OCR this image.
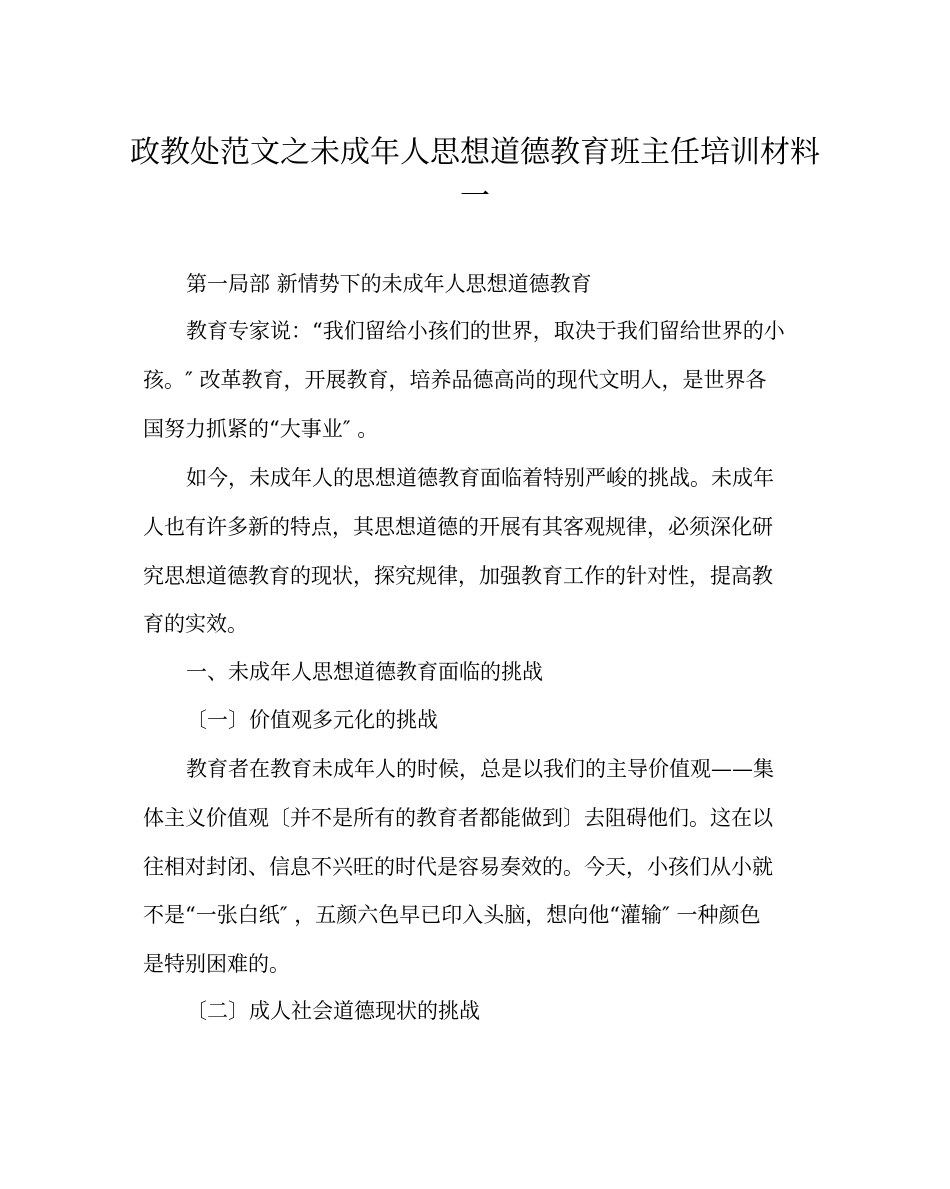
政教处范文之未成年人思想道德教育班主任培训材料
一

第一局部 新情势下的未成年人思想道德教育

教育专家说：“我们留给小孩们的世界，取决于我们留给世界的小

孩。″ 改革教育，开展教育，培养品德高尚的现代文明人，是世界各

国努力抓紧的“大事业″ 。

如今，未成年人的思想道德教育面临着特别严峻的挑战。未成年

人也有许多新的特点，其思想道德的开展有其客观规律，必须深化研

究思想道德教育的现状，探究规律，加强教育工作的针对性，提高教

育的实效。

一、未成年人思想道德教育面临的挑战

〔一〕价值观多元化的挑战

教育者在教育未成年人的时候，总是以我们的主导价值观——集

体主义价值观〔并不是所有的教育者都能做到〕去阻碍他们。这在以

往相对封闭、信息不兴旺的时代是容易奏效的。今天，小孩们从小就

不是“一张白纸″ ，五颜六色早已印入头脑，想向他“灌输″ 一种颜色

是特别困难的。

〔二〕成人社会道德现状的挑战
